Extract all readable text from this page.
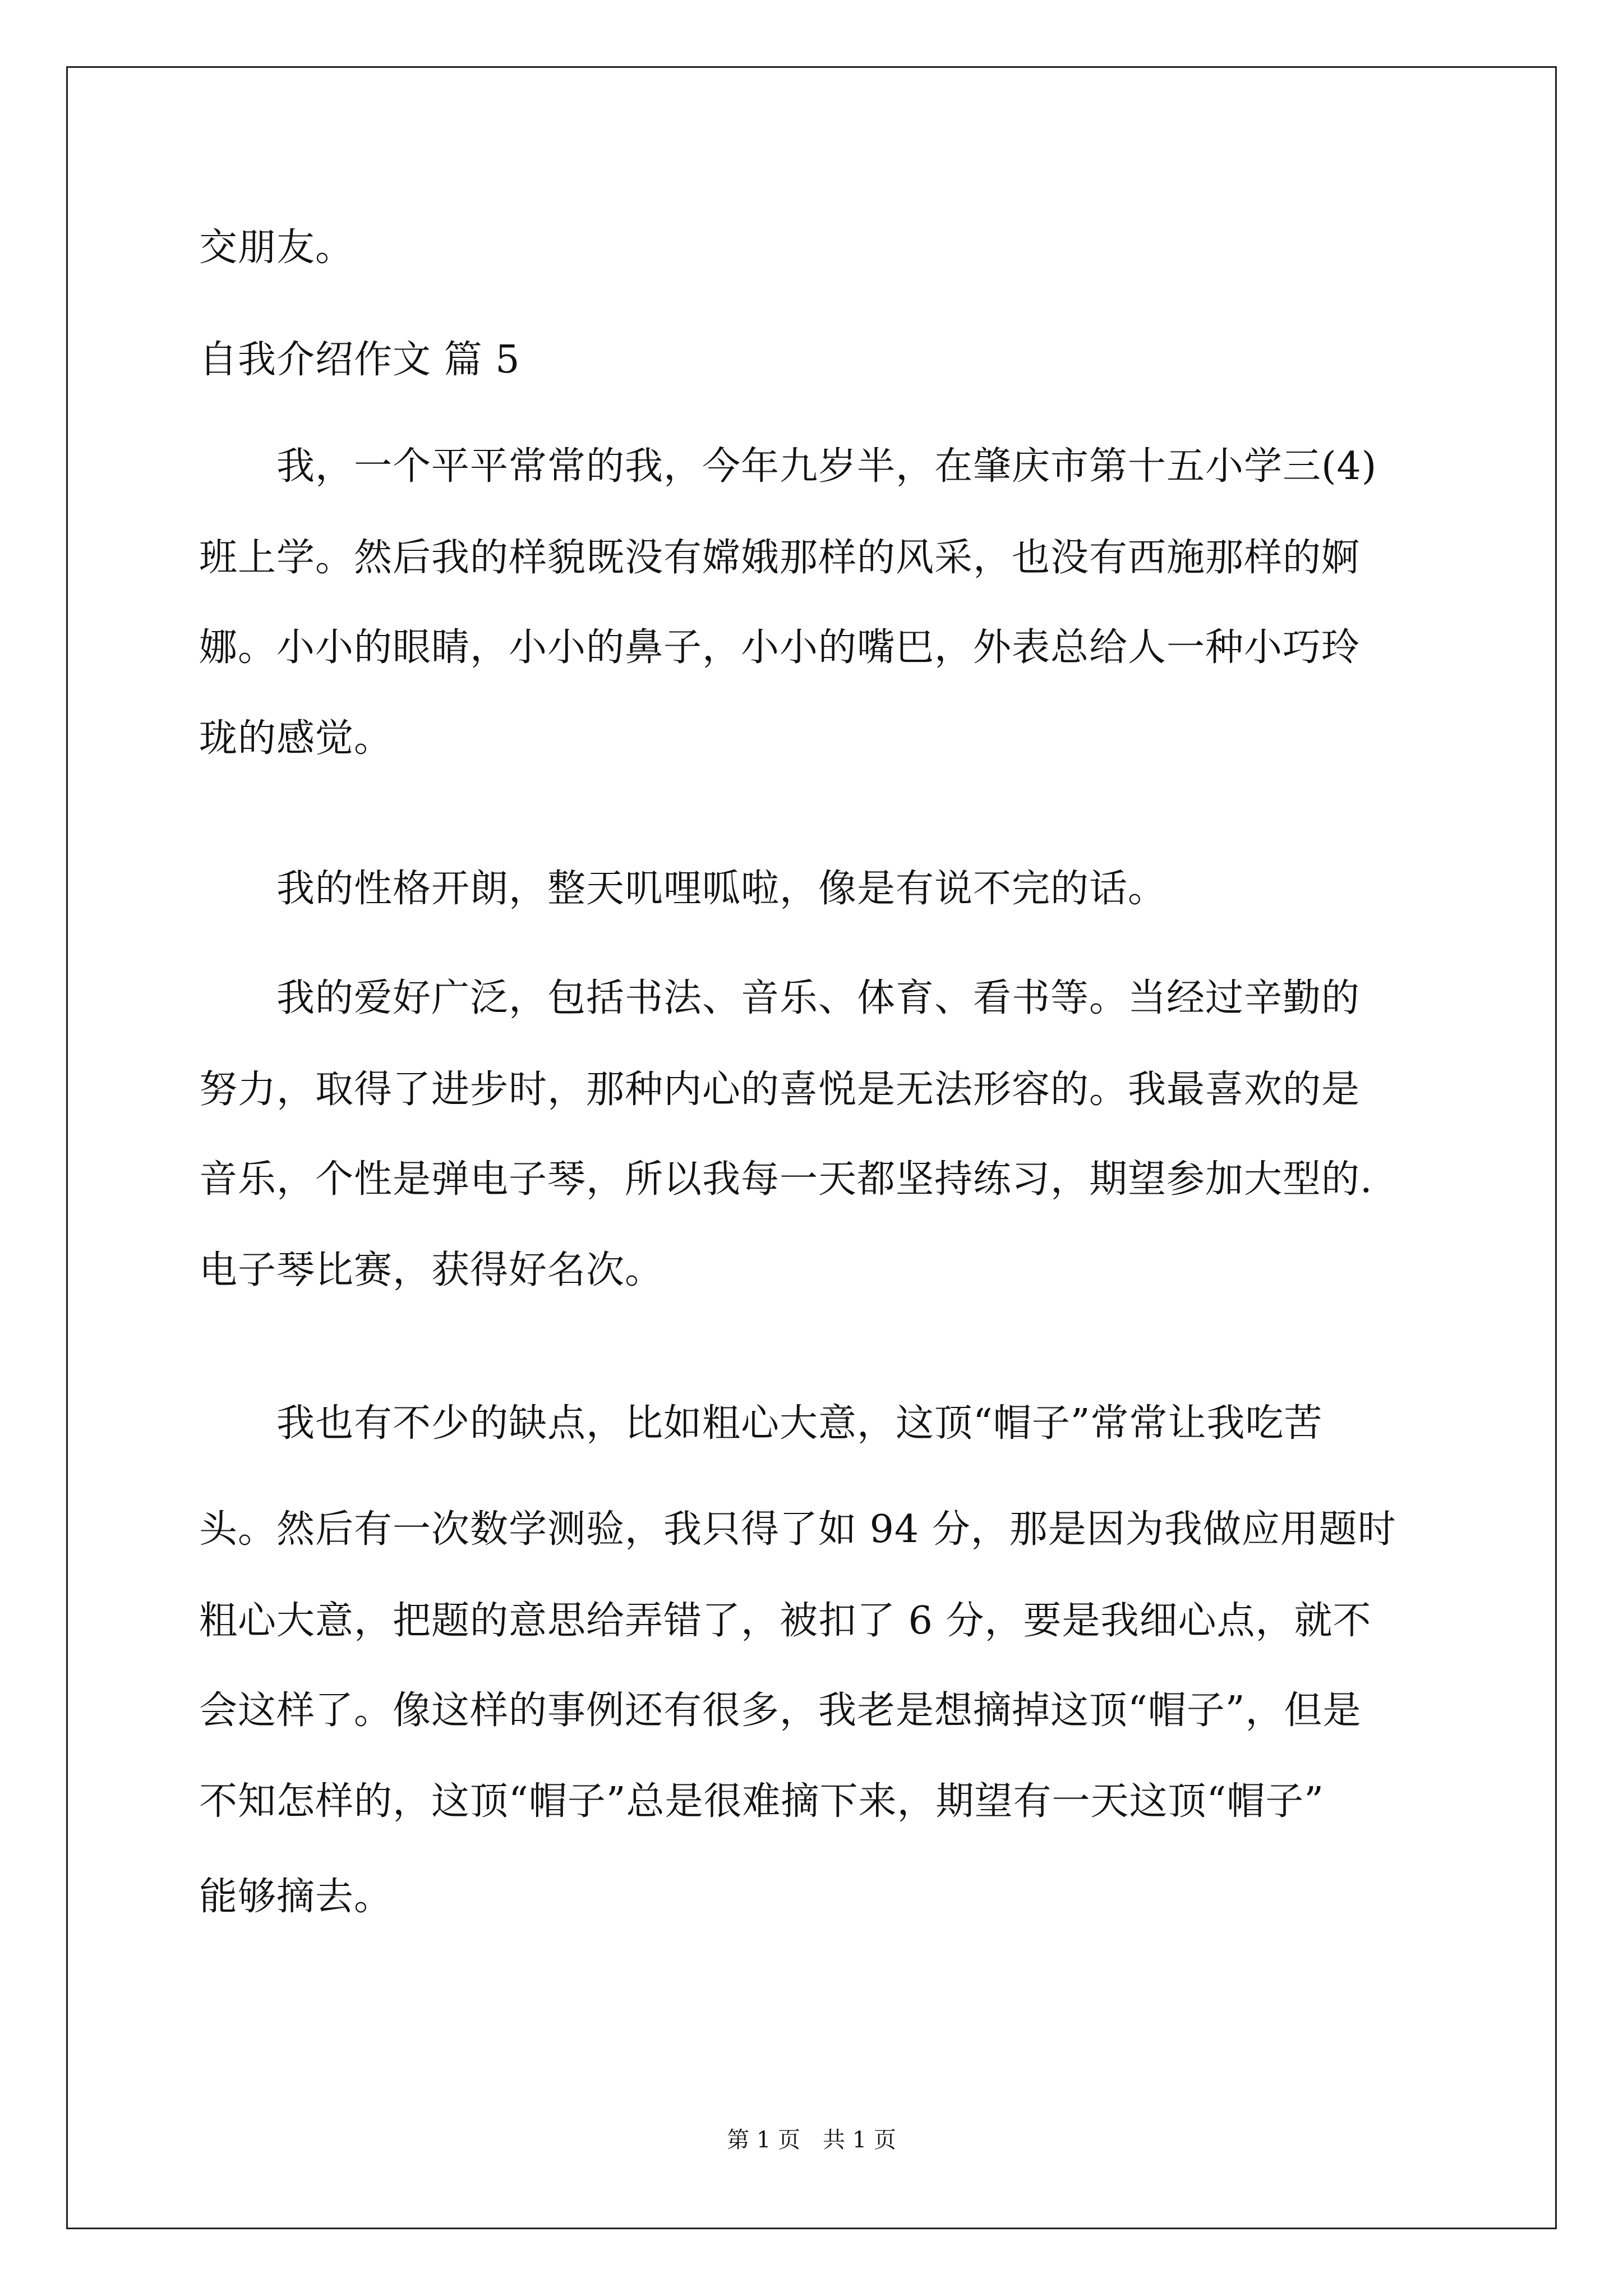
交朋友。
自我介绍作文 篇 5
　　我，一个平平常常的我，今年九岁半，在肇庆市第十五小学三(4)
班上学。然后我的样貌既没有嫦娥那样的风采，也没有西施那样的婀
娜。小小的眼睛，小小的鼻子，小小的嘴巴，外表总给人一种小巧玲
珑的感觉。
　　我的性格开朗，整天叽哩呱啦，像是有说不完的话。
　　我的爱好广泛，包括书法、音乐、体育、看书等。当经过辛勤的
努力，取得了进步时，那种内心的喜悦是无法形容的。我最喜欢的是
音乐，个性是弹电子琴，所以我每一天都坚持练习，期望参加大型的.
电子琴比赛，获得好名次。
　　我也有不少的缺点，比如粗心大意，这顶“帽子”常常让我吃苦
头。然后有一次数学测验，我只得了如 94 分，那是因为我做应用题时
粗心大意，把题的意思给弄错了，被扣了 6 分，要是我细心点，就不
会这样了。像这样的事例还有很多，我老是想摘掉这顶“帽子”，但是
不知怎样的，这顶“帽子”总是很难摘下来，期望有一天这顶“帽子”
能够摘去。
第 1 页　共 1 页
